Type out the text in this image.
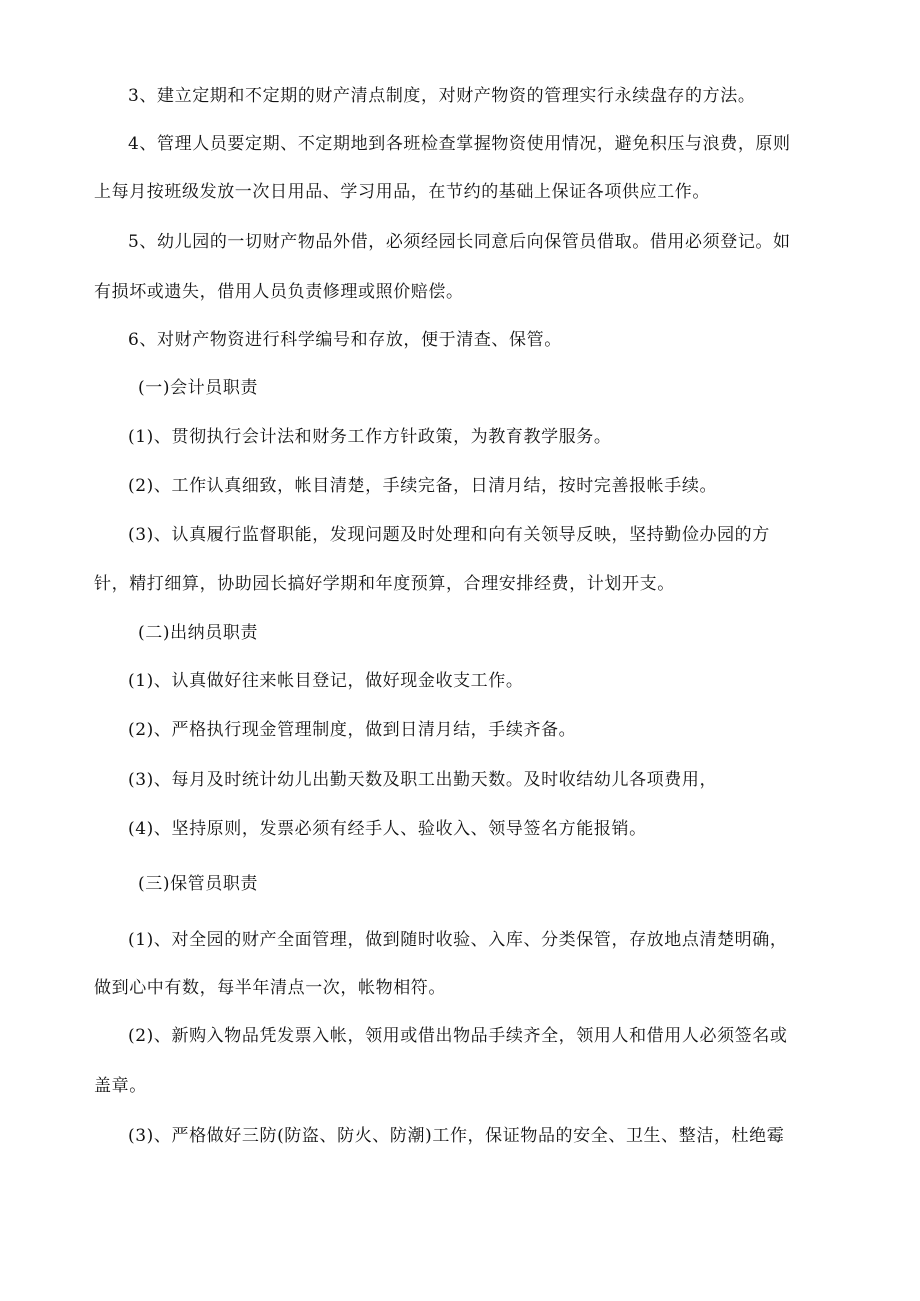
3、建立定期和不定期的财产清点制度，对财产物资的管理实行永续盘存的方法。

4、管理人员要定期、不定期地到各班检查掌握物资使用情况，避免积压与浪费，原则

上每月按班级发放一次日用品、学习用品，在节约的基础上保证各项供应工作。

5、幼儿园的一切财产物品外借，必须经园长同意后向保管员借取。借用必须登记。如

有损坏或遗失，借用人员负责修理或照价赔偿。

6、对财产物资进行科学编号和存放，便于清查、保管。

(一)会计员职责

(1)、贯彻执行会计法和财务工作方针政策，为教育教学服务。

(2)、工作认真细致，帐目清楚，手续完备，日清月结，按时完善报帐手续。

(3)、认真履行监督职能，发现问题及时处理和向有关领导反映，坚持勤俭办园的方

针，精打细算，协助园长搞好学期和年度预算，合理安排经费，计划开支。

(二)出纳员职责

(1)、认真做好往来帐目登记，做好现金收支工作。

(2)、严格执行现金管理制度，做到日清月结，手续齐备。

(3)、每月及时统计幼儿出勤天数及职工出勤天数。及时收结幼儿各项费用，

(4)、坚持原则，发票必须有经手人、验收入、领导签名方能报销。

(三)保管员职责

(1)、对全园的财产全面管理，做到随时收验、入库、分类保管，存放地点清楚明确，

做到心中有数，每半年清点一次，帐物相符。

(2)、新购入物品凭发票入帐，领用或借出物品手续齐全，领用人和借用人必须签名或

盖章。

(3)、严格做好三防(防盗、防火、防潮)工作，保证物品的安全、卫生、整洁，杜绝霉
